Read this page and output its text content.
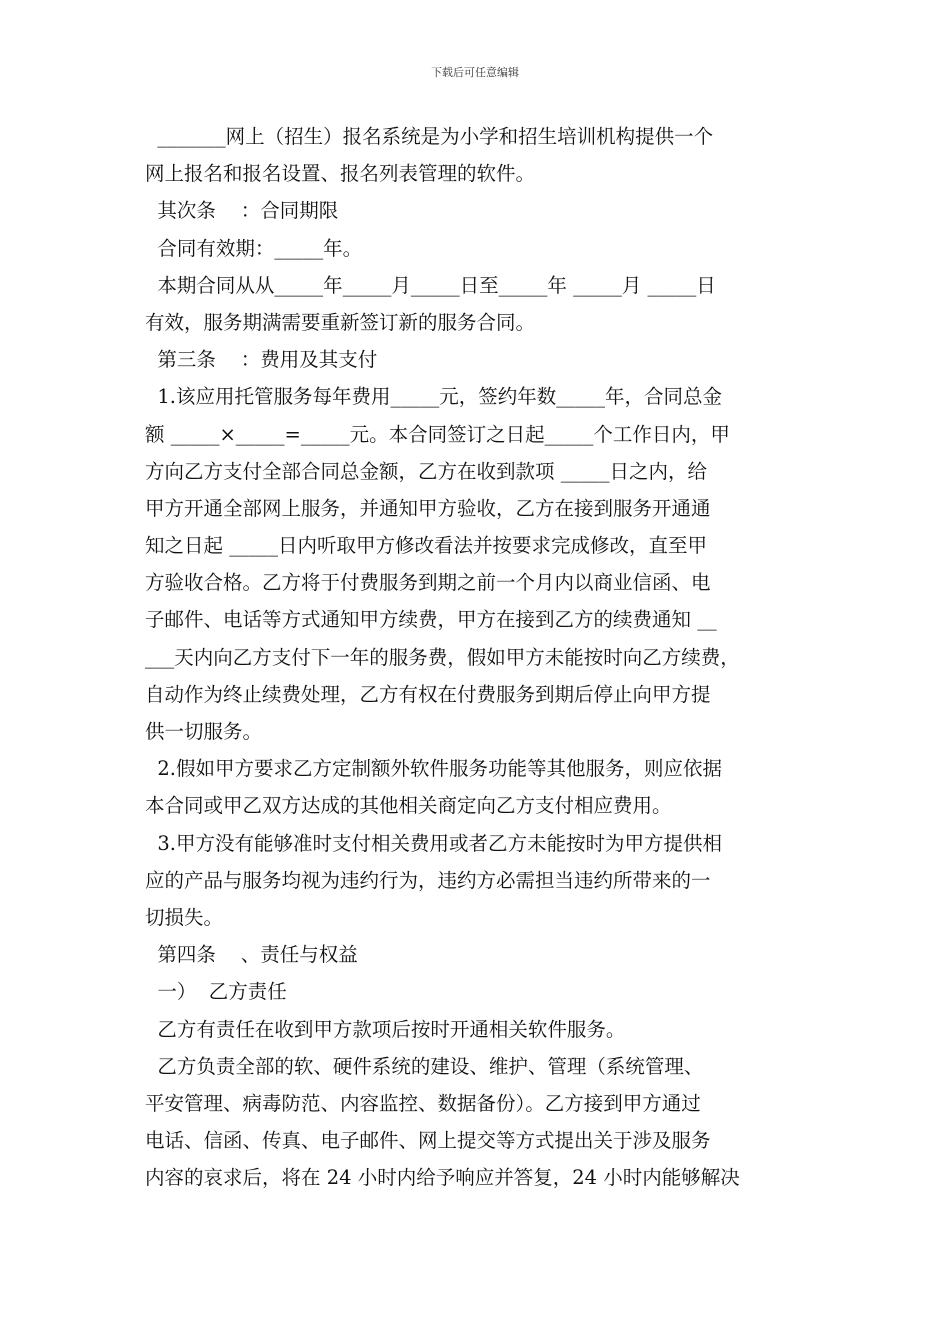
下载后可任意编辑
_______网上（招生）报名系统是为小学和招生培训机构提供一个
网上报名和报名设置、报名列表管理的软件。
其次条    ：合同期限
合同有效期：_____年。
本期合同从从_____年_____月_____日至_____年 _____月 _____日
有效，服务期满需要重新签订新的服务合同。
第三条    ：费用及其支付
1.该应用托管服务每年费用_____元，签约年数_____年，合同总金
额 _____×_____=_____元。本合同签订之日起_____个工作日内，甲
方向乙方支付全部合同总金额，乙方在收到款项 _____日之内，给
甲方开通全部网上服务，并通知甲方验收，乙方在接到服务开通通
知之日起 _____日内听取甲方修改看法并按要求完成修改，直至甲
方验收合格。乙方将于付费服务到期之前一个月内以商业信函、电
子邮件、电话等方式通知甲方续费，甲方在接到乙方的续费通知 __
___天内向乙方支付下一年的服务费，假如甲方未能按时向乙方续费，
自动作为终止续费处理，乙方有权在付费服务到期后停止向甲方提
供一切服务。
2.假如甲方要求乙方定制额外软件服务功能等其他服务，则应依据
本合同或甲乙双方达成的其他相关商定向乙方支付相应费用。
3.甲方没有能够准时支付相关费用或者乙方未能按时为甲方提供相
应的产品与服务均视为违约行为，违约方必需担当违约所带来的一
切损失。
第四条    、责任与权益
一）  乙方责任
乙方有责任在收到甲方款项后按时开通相关软件服务。
乙方负责全部的软、硬件系统的建设、维护、管理（系统管理、
平安管理、病毒防范、内容监控、数据备份）。乙方接到甲方通过
电话、信函、传真、电子邮件、网上提交等方式提出关于涉及服务
内容的哀求后，将在 24 小时内给予响应并答复，24 小时内能够解决
